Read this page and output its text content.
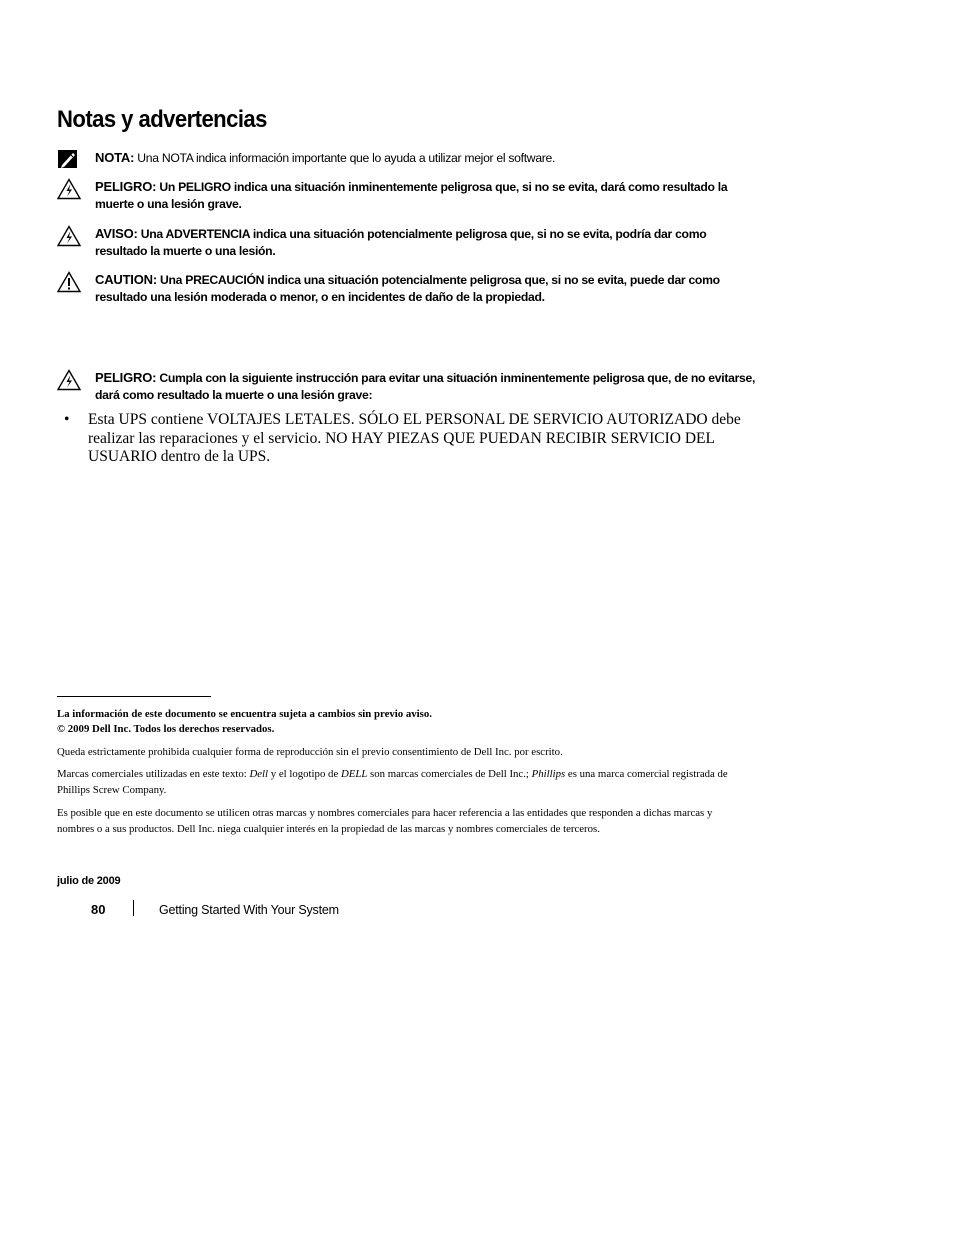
Notas y advertencias
NOTA: Una NOTA indica información importante que lo ayuda a utilizar mejor el software.
PELIGRO: Un PELIGRO indica una situación inminentemente peligrosa que, si no se evita, dará como resultado la muerte o una lesión grave.
AVISO: Una ADVERTENCIA indica una situación potencialmente peligrosa que, si no se evita, podría dar como resultado la muerte o una lesión.
CAUTION: Una PRECAUCIÓN indica una situación potencialmente peligrosa que, si no se evita, puede dar como resultado una lesión moderada o menor, o en incidentes de daño de la propiedad.
PELIGRO: Cumpla con la siguiente instrucción para evitar una situación inminentemente peligrosa que, de no evitarse, dará como resultado la muerte o una lesión grave:
• Esta UPS contiene VOLTAJES LETALES. SÓLO EL PERSONAL DE SERVICIO AUTORIZADO debe realizar las reparaciones y el servicio. NO HAY PIEZAS QUE PUEDAN RECIBIR SERVICIO DEL USUARIO dentro de la UPS.

La información de este documento se encuentra sujeta a cambios sin previo aviso.

© 2009 Dell Inc. Todos los derechos reservados.

Queda estrictamente prohibida cualquier forma de reproducción sin el previo consentimiento de Dell Inc. por escrito.

Marcas comerciales utilizadas en este texto: Dell y el logotipo de DELL son marcas comerciales de Dell Inc.; Phillips es una marca comercial registrada de Phillips Screw Company.

Es posible que en este documento se utilicen otras marcas y nombres comerciales para hacer referencia a las entidades que responden a dichas marcas y nombres o a sus productos. Dell Inc. niega cualquier interés en la propiedad de las marcas y nombres comerciales de terceros.

julio de 2009
80	Getting Started With Your System
